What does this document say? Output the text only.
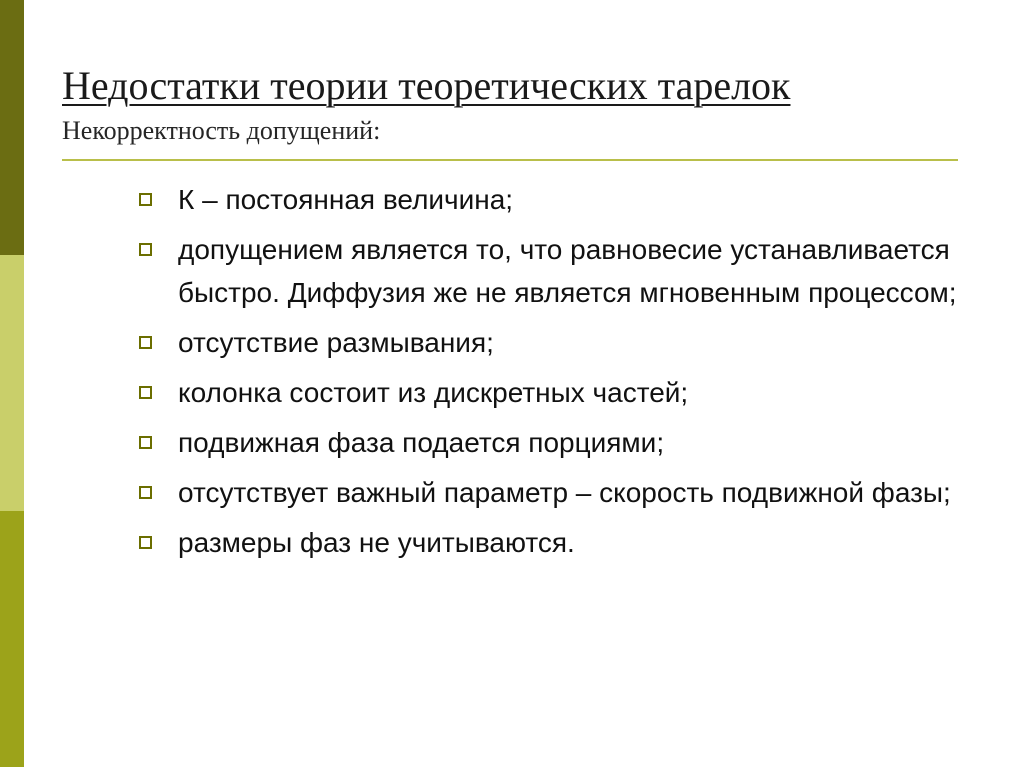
Недостатки теории теоретических тарелок
Некорректность допущений:
К – постоянная величина;
допущением является то, что равновесие устанавливается быстро. Диффузия же не является мгновенным процессом;
отсутствие размывания;
колонка состоит из дискретных частей;
подвижная фаза подается порциями;
отсутствует важный параметр – скорость подвижной фазы;
размеры фаз не учитываются.
